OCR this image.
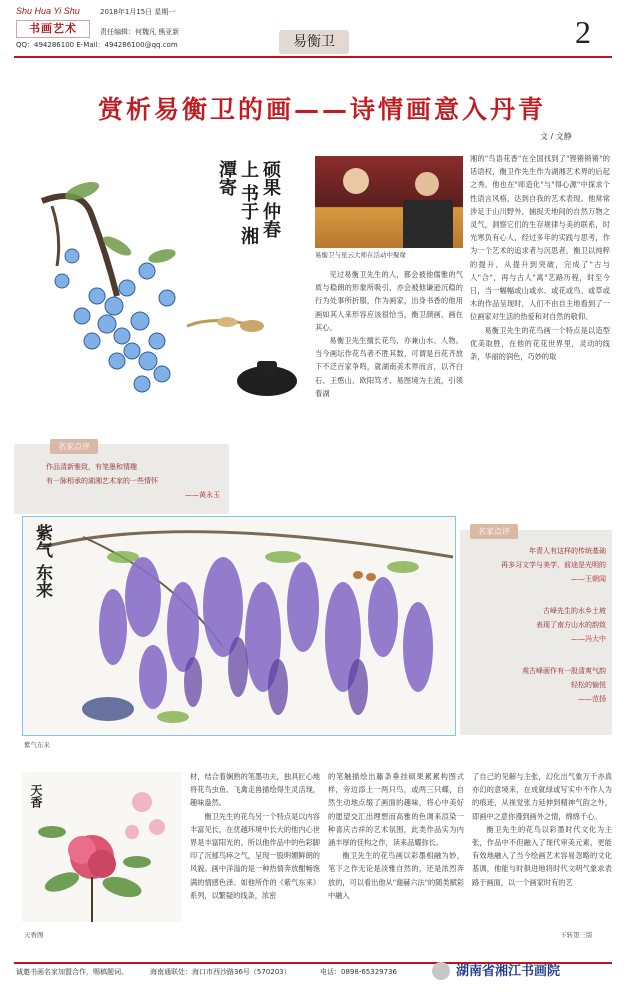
Shu Hua Yi Shu	2018年1月15日 星期一
书画艺术	责任编辑：何魏凡 熊亚新
QQ：494286100 E-Mail：494286100@qq.com	易衡卫	2
赏析易衡卫的画——诗情画意入丹青
文 / 文静
硕果 仲春上 书于 湘潭寄
易衡卫与星云大师在活动中聚缘

见过易衡卫先生的人，都会被他儒雅的气质与稳朗的形象所吸引，亦会被他谦逊沉稳的行为处事所折服，作为画家，出身书香的他用画如其人来形容应该很恰当，衡卫颜画，画在其心。

易衡卫先生擅长花鸟，亦兼山水、人物。当今画坛作花鸟者不胜其数，可谓是百花齐放下不泛百家争鸣，就湖南美术界而言，以齐白石、王憨山、欧阳笃才、易图境为主流，引领着湖

湘的"鸟语花香"在全国找到了"铿锵锵锵"的话语权，衡卫作先生作为湖湘艺术界的后起之秀，他也在"师造化"与"得心源"中探求个性语言风格，达到自我的艺术表现。他常常涉足于山川野外，捕捉天地间的自然万物之灵气，洞察它们的生存规律与美的联系，时光寒负有心人，经过多年的实践与思考，作为一个艺术的追求者与沉思者，衡卫以纯粹的提升，从提升到突破，完成了"古与人"合"，再与古人"离"艺路历程，时至今日，当一幅幅或山或水、或花或鸟、或草或木的作品呈现时，人们不由自主地看到了一位画家对生活的热爱和对自然的敬仰。

易衡卫先生的花鸟画一个特点是以造型优美取胜，在他的花花世界里，灵动的线条，华丽的润色，巧妙的取

名家点评
作品清新雅致，有笔墨和情趣
有一脉相承的湖湘艺术家的一些情怀
——黄永玉
紫气 东来
紫气东来
名家点评
年青人有这样的传统基础
再多习文学与美学，前途是光明的
——王朝闻
古峰先生的水乡土坡
表现了南方山水的韵致
——冯大中
观古峰画作有一股清爽气韵
轻松的愉悦
——范扬
天香
天香图

材，结合着娴熟的笔墨功夫，独具匠心地将花鸟虫鱼、飞禽走兽描绘得生灵活现，趣味盎然。

衡卫先生的花鸟另一个特点是以内容丰富见长，在优越环境中长大的他内心世界是丰富阳光的，所以他作品中的色彩脚印了沉郁鸟瘁之气，呈现一股明媚鲜朗的风貌。画中洋溢的是一种热情奔放酣畅饱满的情感色泽。如他所作的《紫气东来》系列，以繁疑的线条，浓密

的笔触描绘出藤条垂挂硕果累累构图式样，旁边添上一两只鸟，或两三只蝶，自然生动地点缀了画面的趣味，将心中美好的愿望交汇出理想而高雅的色调来渲染一种喜庆吉祥的艺术氛围，此类作品实为内涵丰厚的佳构之作，读来品耀弥长。

衡卫先生的花鸟画以彩墨相融为妙，笔下之作无论是淡雅自然的，还是浓烈奔放的，可以看出他从"谢赫六法"的随类赋彩中融入

了自己的见解与主张，幻化出气象万千亦真亦幻的意境来，在成就绿或写实中不作人为的痕迹，从视觉张力延伸到精神气韵之外，即画中之意你漫到画外之情，绵绵千心。

衡卫先生的花鸟以彩墨时代文化为主张，作品中不但融入了现代审美元素，更能有效地融入了当今绘画艺术容易忽略的文化基调，他能与时俱进地将时代文明气象求表路于画面，以一个画家时有的艺

下转第三版
诚邀书画名家加盟合作，赐稿题词。	海南通联处：海口市西沙路36号（570203）	电话：0898-65329736	湖南省湘江书画院
